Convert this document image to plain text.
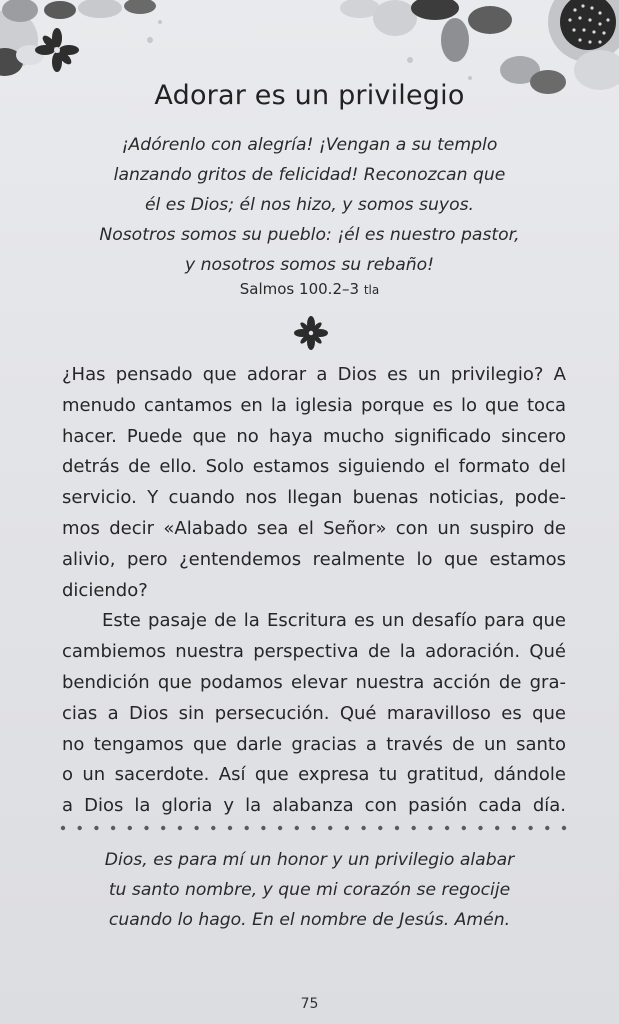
Adorar es un privilegio
¡Adórenlo con alegría! ¡Vengan a su templo
lanzando gritos de felicidad! Reconozcan que
él es Dios; él nos hizo, y somos suyos.
Nosotros somos su pueblo: ¡él es nuestro pastor,
y nosotros somos su rebaño!
Salmos 100.2–3 tla
¿Has pensado que adorar a Dios es un privilegio? A
menudo cantamos en la iglesia porque es lo que toca
hacer. Puede que no haya mucho significado sincero
detrás de ello. Solo estamos siguiendo el formato del
servicio. Y cuando nos llegan buenas noticias, pode-
mos decir «Alabado sea el Señor» con un suspiro de
alivio, pero ¿entendemos realmente lo que estamos
diciendo?
Este pasaje de la Escritura es un desafío para que
cambiemos nuestra perspectiva de la adoración. Qué
bendición que podamos elevar nuestra acción de gra-
cias a Dios sin persecución. Qué maravilloso es que
no tengamos que darle gracias a través de un santo
o un sacerdote. Así que expresa tu gratitud, dándole
a Dios la gloria y la alabanza con pasión cada día.
Dios, es para mí un honor y un privilegio alabar
tu santo nombre, y que mi corazón se regocije
cuando lo hago. En el nombre de Jesús. Amén.
75
